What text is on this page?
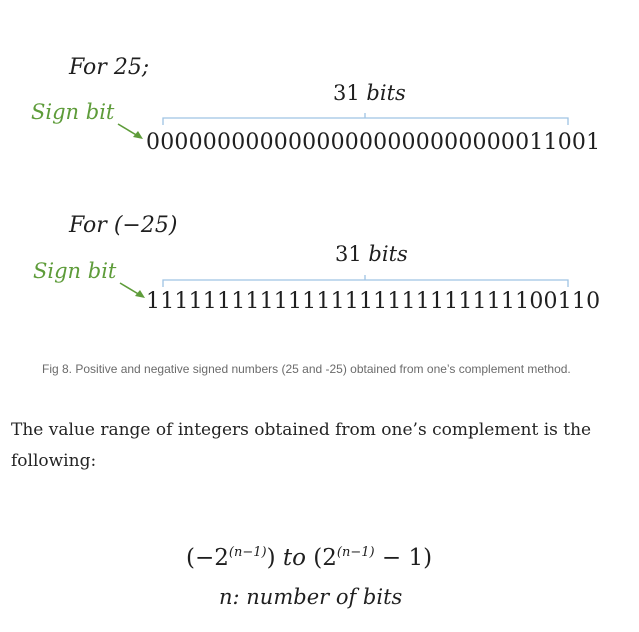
For 25;
31 bits
Sign bit
00000000000000000000000000011001
For (−25)
31 bits
Sign bit
11111111111111111111111111100110
Fig 8. Positive and negative signed numbers (25 and -25) obtained from one’s complement method.
The value range of integers obtained from one’s complement is the following:
$(-2^{(n-1)})$ to $(2^{(n-1)} - 1)$
n: number of bits
